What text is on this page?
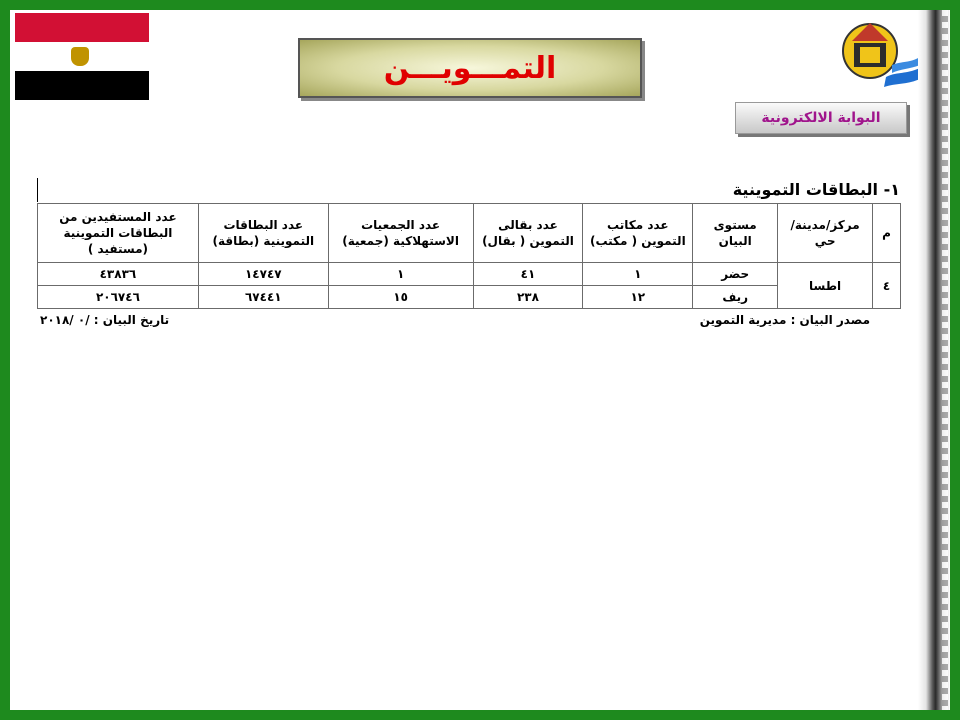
التمـــويـــن
البوابة الالكترونية
١- البطاقات التموينية
م	مركز/مدينة/حي	مستوى البيان	عدد مكاتب التموين ( مكتب)	عدد بقالى التموين ( بقال)	عدد الجمعيات الاستهلاكية (جمعية)	عدد البطاقات التموينية (بطاقة)	عدد المستفيدين من البطاقات التموينية (مستفيد )
٤	اطسا	حضر	١	٤١	١	١٤٧٤٧	٤٣٨٣٦
		ريف	١٢	٢٣٨	١٥	٦٧٤٤١	٢٠٦٧٤٦
مصدر البيان : مديرية التموين
تاريخ البيان : /٠ /٢٠١٨
